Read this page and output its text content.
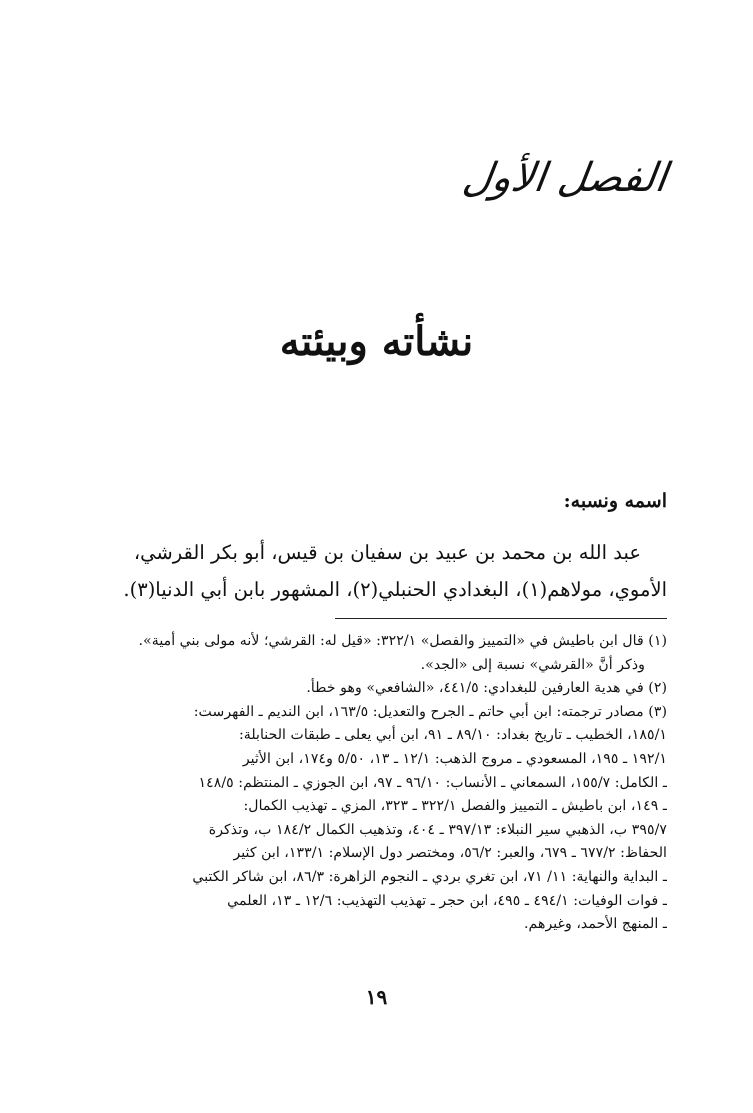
الفصل الأول
نشأته وبيئته
اسمه ونسبه:
عبد الله بن محمد بن عبيد بن سفيان بن قيس، أبو بكر القرشي،
الأموي، مولاهم(١)، البغدادي الحنبلي(٢)، المشهور بابن أبي الدنيا(٣).
(١) قال ابن باطيش في «التمييز والفصل» ٣٢٢/١: «قيل له: القرشي؛ لأنه مولى بني أمية».
وذكر أنَّ «القرشي» نسبة إلى «الجد».
(٢) في هدية العارفين للبغدادي: ٤٤١/٥، «الشافعي» وهو خطأ.
(٣) مصادر ترجمته: ابن أبي حاتم ـ الجرح والتعديل: ١٦٣/٥، ابن النديم ـ الفهرست:
١٨٥/١، الخطيب ـ تاريخ بغداد: ٨٩/١٠ ـ ٩١، ابن أبي يعلى ـ طبقات الحنابلة:
١٩٢/١ ـ ١٩٥، المسعودي ـ مروج الذهب: ١٢/١ ـ ١٣، ٥/٥٠ و١٧٤، ابن الأثير
ـ الكامل: ١٥٥/٧، السمعاني ـ الأنساب: ٩٦/١٠ ـ ٩٧، ابن الجوزي ـ المنتظم: ١٤٨/٥
ـ ١٤٩، ابن باطيش ـ التمييز والفصل ٣٢٢/١ ـ ٣٢٣، المزي ـ تهذيب الكمال:
٣٩٥/٧ ب، الذهبي سير النبلاء: ٣٩٧/١٣ ـ ٤٠٤، وتذهيب الكمال ١٨٤/٢ ب، وتذكرة
الحفاظ: ٦٧٧/٢ ـ ٦٧٩، والعبر: ٥٦/٢، ومختصر دول الإسلام: ١٣٣/١، ابن كثير
ـ البداية والنهاية: ١١/ ٧١، ابن تغري بردي ـ النجوم الزاهرة: ٨٦/٣، ابن شاكر الكتبي
ـ فوات الوفيات: ٤٩٤/١ ـ ٤٩٥، ابن حجر ـ تهذيب التهذيب: ١٢/٦ ـ ١٣، العلمي
ـ المنهج الأحمد، وغيرهم.
١٩
